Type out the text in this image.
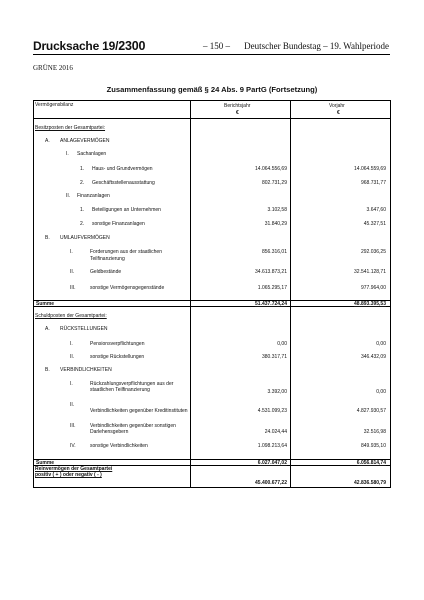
Drucksache 19/2300	– 150 – Deutscher Bundestag – 19. Wahlperiode
GRÜNE 2016
Zusammenfassung gemäß § 24 Abs. 9 PartG (Fortsetzung)
Vermögensbilanz	Berichtsjahr	Vorjahr
€	€
Besitzposten der Gesamtpartei:
A. ANLAGEVERMÖGEN
I. Sachanlagen
1. Haus- und Grundvermögen	14.064.556,69	14.064.559,69
2. Geschäftsstellenausstattung	802.731,29	968.731,77
II. Finanzanlagen
1. Beteiligungen an Unternehmen	3.102,58	3.647,60
2. sonstige Finanzanlagen	31.840,29	45.327,51
B. UMLAUFVERMÖGEN
I.	Forderungen aus der staatlichen
Teilfinanzierung
856.316,01	292.036,25
II.	Geldbestände	34.613.873,21	32.541.128,71
III.	sonstige Vermögensgegenstände	1.065.295,17	977.964,00
Summe	51.437.724,24	48.893.395,53
Schuldposten der Gesamtpartei:
A. RÜCKSTELLUNGEN
I.	Pensionsverpflichtungen	0,00	0,00
II.	sonstige Rückstellungen	380.317,71	346.432,09
B. VERBINDLICHKEITEN
I.	Rückzahlungsverpflichtungen aus der
staatlichen Teilfinanzierung	3.392,00	0,00
II.
Verbindlichkeiten gegenüber Kreditinstituten	4.531.099,23	4.827.930,57
III.	Verbindlichkeiten gegenüber sonstigen
Darlehensgebern	24.024,44	32.516,98
IV.	sonstige Verbindlichkeiten	1.098.213,64	849.935,10
Summe	6.027.047,02	6.056.814,74
Reinvermögen der Gesamtpartei
positiv ( + ) oder negativ ( - )
45.400.677,22	42.836.580,79
